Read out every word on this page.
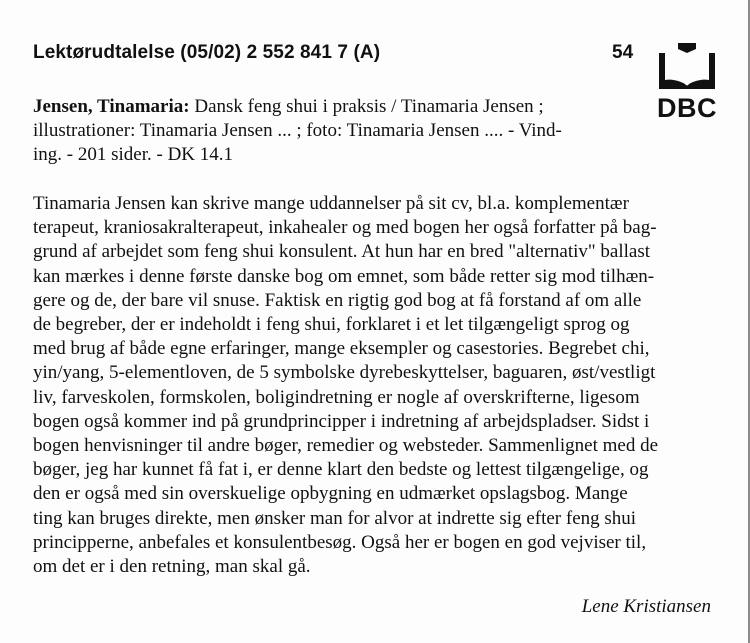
Lektørudtalelse (05/02) 2 552 841 7 (A)	54
DBC
Jensen, Tinamaria: Dansk feng shui i praksis / Tinamaria Jensen ;
illustrationer: Tinamaria Jensen ... ; foto: Tinamaria Jensen .... - Vind-
ing. - 201 sider. - DK 14.1
Tinamaria Jensen kan skrive mange uddannelser på sit cv, bl.a. komplementær
terapeut, kraniosakralterapeut, inkahealer og med bogen her også forfatter på bag-
grund af arbejdet som feng shui konsulent. At hun har en bred "alternativ" ballast
kan mærkes i denne første danske bog om emnet, som både retter sig mod tilhæn-
gere og de, der bare vil snuse. Faktisk en rigtig god bog at få forstand af om alle
de begreber, der er indeholdt i feng shui, forklaret i et let tilgængeligt sprog og
med brug af både egne erfaringer, mange eksempler og casestories. Begrebet chi,
yin/yang, 5-elementloven, de 5 symbolske dyrebeskyttelser, baguaren, øst/vestligt
liv, farveskolen, formskolen, boligindretning er nogle af overskrifterne, ligesom
bogen også kommer ind på grundprincipper i indretning af arbejdspladser. Sidst i
bogen henvisninger til andre bøger, remedier og websteder. Sammenlignet med de
bøger, jeg har kunnet få fat i, er denne klart den bedste og lettest tilgængelige, og
den er også med sin overskuelige opbygning en udmærket opslagsbog. Mange
ting kan bruges direkte, men ønsker man for alvor at indrette sig efter feng shui
principperne, anbefales et konsulentbesøg. Også her er bogen en god vejviser til,
om det er i den retning, man skal gå.
Lene Kristiansen
